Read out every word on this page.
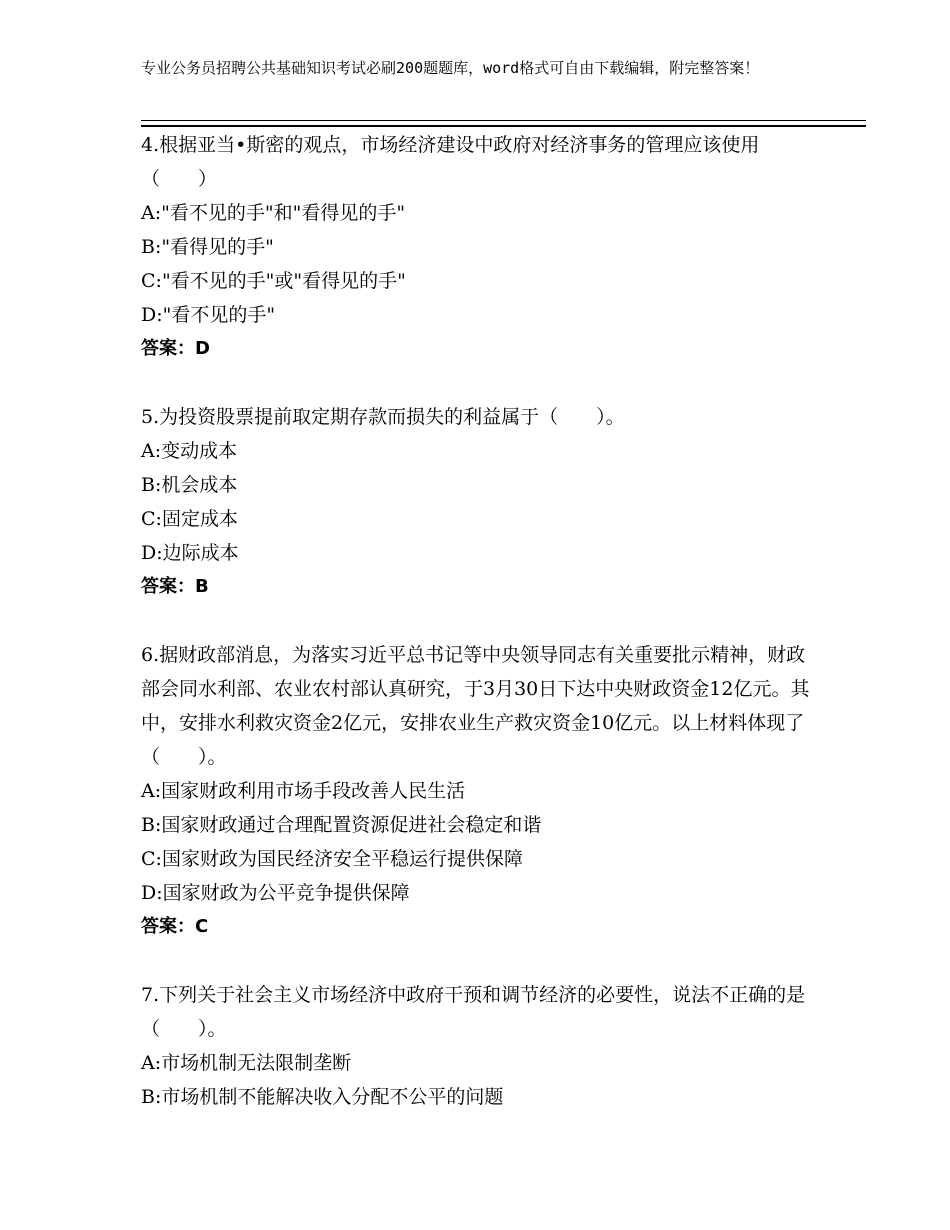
专业公务员招聘公共基础知识考试必刷200题题库，word格式可自由下载编辑，附完整答案！

4.根据亚当•斯密的观点，市场经济建设中政府对经济事务的管理应该使用（　　）

A:"看不见的手"和"看得见的手"

B:"看得见的手"

C:"看不见的手"或"看得见的手"

D:"看不见的手"

答案：D

5.为投资股票提前取定期存款而损失的利益属于（　　）。

A:变动成本

B:机会成本

C:固定成本

D:边际成本

答案：B

6.据财政部消息，为落实习近平总书记等中央领导同志有关重要批示精神，财政部会同水利部、农业农村部认真研究，于3月30日下达中央财政资金12亿元。其中，安排水利救灾资金2亿元，安排农业生产救灾资金10亿元。以上材料体现了（　　）。

A:国家财政利用市场手段改善人民生活

B:国家财政通过合理配置资源促进社会稳定和谐

C:国家财政为国民经济安全平稳运行提供保障

D:国家财政为公平竞争提供保障

答案：C

7.下列关于社会主义市场经济中政府干预和调节经济的必要性，说法不正确的是（　　）。

A:市场机制无法限制垄断

B:市场机制不能解决收入分配不公平的问题
